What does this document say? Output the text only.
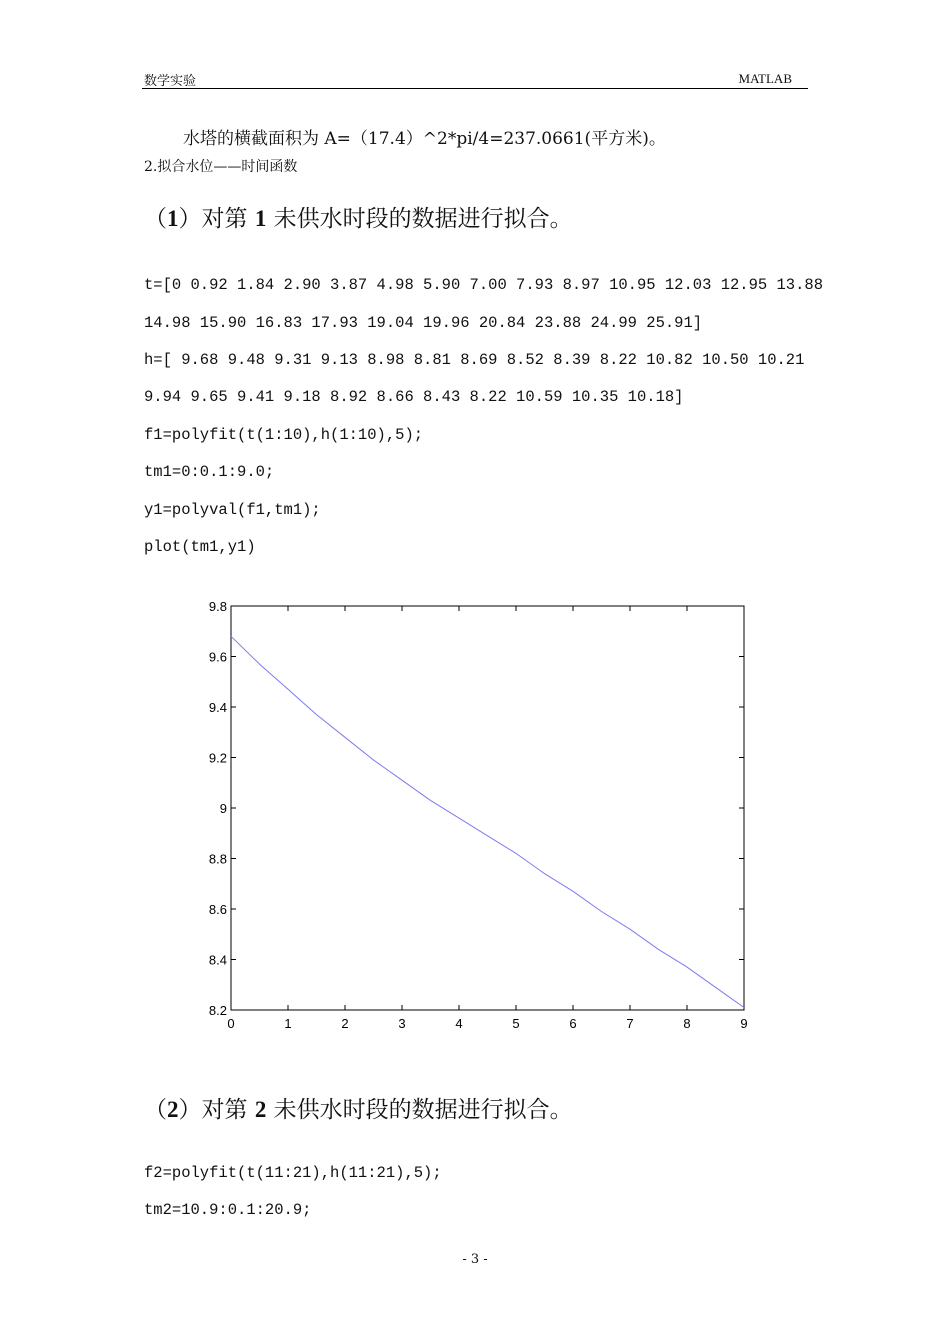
数学实验	MATLAB
水塔的横截面积为 A=（17.4）^2*pi/4=237.0661(平方米)。
2.拟合水位——时间函数
（1）对第 1 未供水时段的数据进行拟合。
t=[0 0.92 1.84 2.90 3.87 4.98 5.90 7.00 7.93 8.97 10.95 12.03 12.95 13.88
14.98 15.90 16.83 17.93 19.04 19.96 20.84 23.88 24.99 25.91]
h=[ 9.68 9.48 9.31 9.13 8.98 8.81 8.69 8.52 8.39 8.22 10.82 10.50 10.21
9.94 9.65 9.41 9.18 8.92 8.66 8.43 8.22 10.59 10.35 10.18]
f1=polyfit(t(1:10),h(1:10),5);
tm1=0:0.1:9.0;
y1=polyval(f1,tm1);
plot(tm1,y1)
0	1	2	3	4	5	6	7	8	9
8.2
8.4
8.6
8.8
9
9.2
9.4
9.6
9.8
（2）对第 2 未供水时段的数据进行拟合。
f2=polyfit(t(11:21),h(11:21),5);
tm2=10.9:0.1:20.9;
- 3 -
